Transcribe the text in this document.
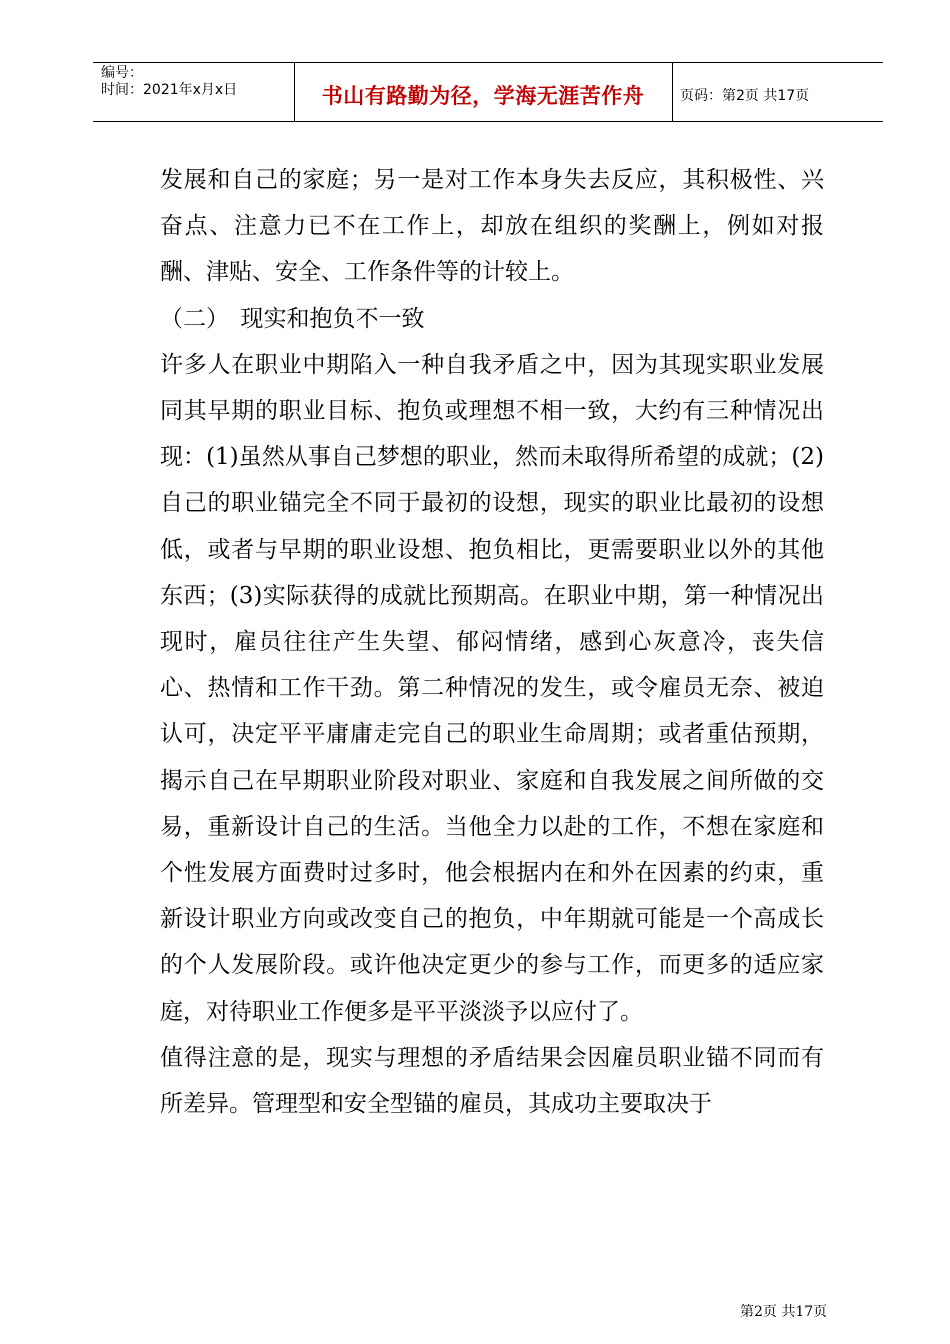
编号：
时间：2021年x月x日	书山有路勤为径，学海无涯苦作舟	页码：第2页 共17页

发展和自己的家庭；另一是对工作本身失去反应，其积极性、兴奋点、注意力已不在工作上，却放在组织的奖酬上，例如对报酬、津贴、安全、工作条件等的计较上。

（二）　现实和抱负不一致

许多人在职业中期陷入一种自我矛盾之中，因为其现实职业发展同其早期的职业目标、抱负或理想不相一致，大约有三种情况出现：(1)虽然从事自己梦想的职业，然而未取得所希望的成就；(2)自己的职业锚完全不同于最初的设想，现实的职业比最初的设想低，或者与早期的职业设想、抱负相比，更需要职业以外的其他东西；(3)实际获得的成就比预期高。在职业中期，第一种情况出现时，雇员往往产生失望、郁闷情绪，感到心灰意冷，丧失信心、热情和工作干劲。第二种情况的发生，或令雇员无奈、被迫认可，决定平平庸庸走完自己的职业生命周期；或者重估预期，揭示自己在早期职业阶段对职业、家庭和自我发展之间所做的交易，重新设计自己的生活。当他全力以赴的工作，不想在家庭和个性发展方面费时过多时，他会根据内在和外在因素的约束，重新设计职业方向或改变自己的抱负，中年期就可能是一个高成长的个人发展阶段。或许他决定更少的参与工作，而更多的适应家庭，对待职业工作便多是平平淡淡予以应付了。

值得注意的是，现实与理想的矛盾结果会因雇员职业锚不同而有所差异。管理型和安全型锚的雇员，其成功主要取决于

第2页 共17页
